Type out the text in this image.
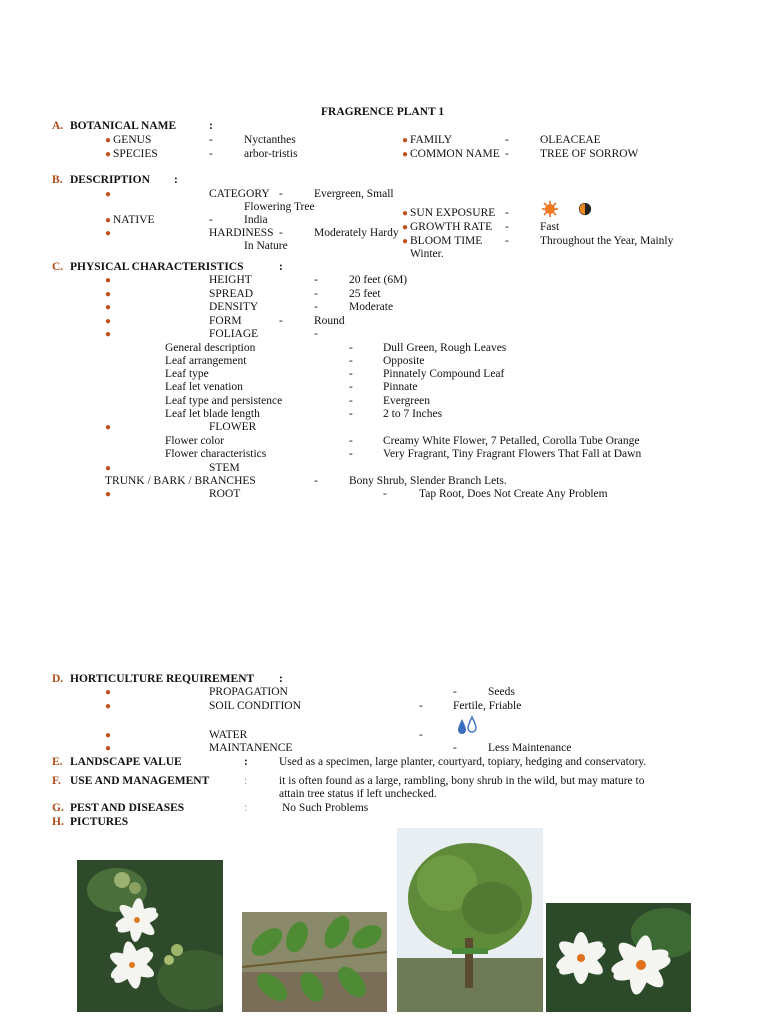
FRAGRENCE PLANT 1
A. BOTANICAL NAME	:
● GENUS	-	Nyctanthes	● FAMILY	-	OLEACEAE
● SPECIES	-	arbor-tristis	● COMMON NAME -	TREE OF SORROW
B. DESCRIPTION :
●	CATEGORY -	Evergreen, Small
Flowering Tree
● NATIVE	-	India
●	HARDINESS -	Moderately Hardy
In Nature
● SUN EXPOSURE -
● GROWTH RATE -	Fast
● BLOOM TIME -	Throughout the Year, Mainly
Winter.
C. PHYSICAL CHARACTERISTICS	:
●	HEIGHT	-	20 feet (6M)
●	SPREAD	-	25 feet
●	DENSITY	-	Moderate
●	FORM	-	Round
●	FOLIAGE	-
General description	-	Dull Green, Rough Leaves
Leaf arrangement	-	Opposite
Leaf type	-	Pinnately Compound Leaf
Leaf let venation	-	Pinnate
Leaf type and persistence	-	Evergreen
Leaf let blade length	-	2 to 7 Inches
●	FLOWER
Flower color	-	Creamy White Flower, 7 Petalled, Corolla Tube Orange
Flower characteristics	-	Very Fragrant, Tiny Fragrant Flowers That Fall at Dawn
●	STEM
TRUNK / BARK / BRANCHES	-	Bony Shrub, Slender Branch Lets.
●	ROOT	-	Tap Root, Does Not Create Any Problem
D. HORTICULTURE REQUIREMENT :
●	PROPAGATION	-	Seeds
●	SOIL CONDITION	-	Fertile, Friable
●	WATER	-
●	MAINTANENCE	-	Less Maintenance
E. LANDSCAPE VALUE	:	Used as a specimen, large planter, courtyard, topiary, hedging and conservatory.
F. USE AND MANAGEMENT	:	it is often found as a large, rambling, bony shrub in the wild, but may mature to
attain tree status if left unchecked.
G. PEST AND DISEASES	:	No Such Problems
H. PICTURES
